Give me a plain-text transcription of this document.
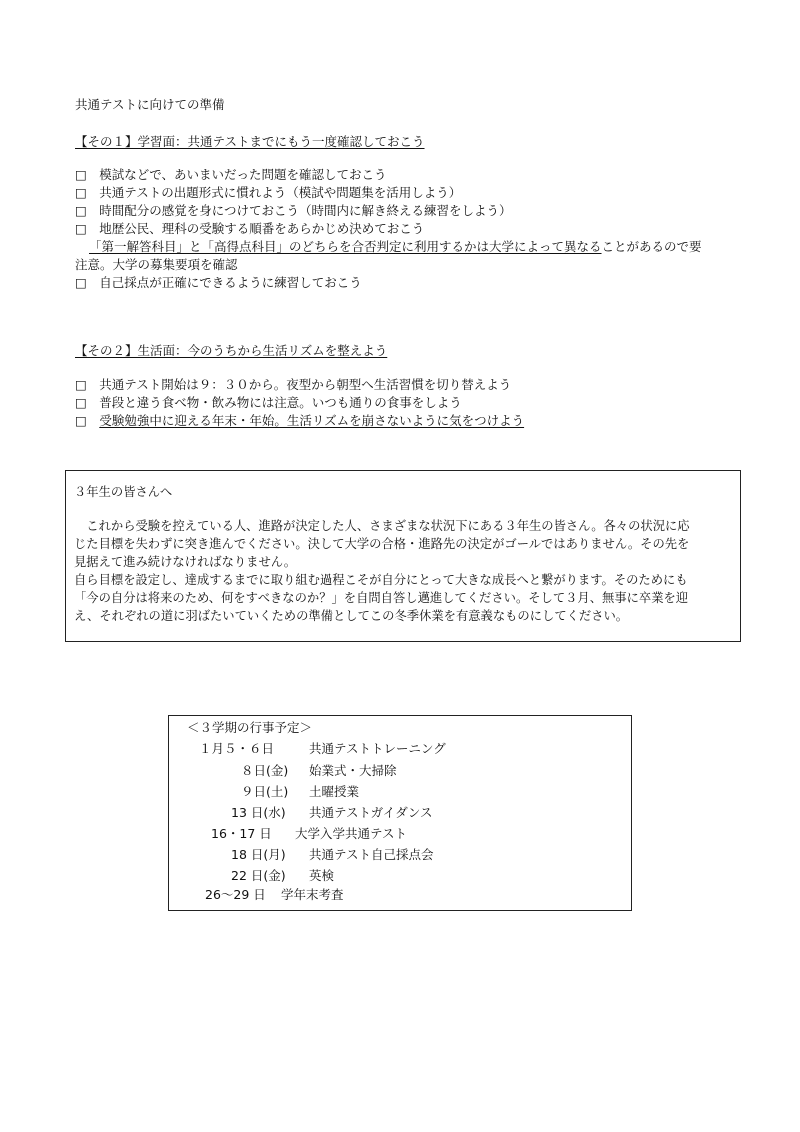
共通テストに向けての準備
【その１】学習面：共通テストまでにもう一度確認しておこう
□　模試などで、あいまいだった問題を確認しておこう
□　共通テストの出題形式に慣れよう（模試や問題集を活用しよう）
□　時間配分の感覚を身につけておこう（時間内に解き終える練習をしよう）
□　地歴公民、理科の受験する順番をあらかじめ決めておこう
「第一解答科目」と「高得点科目」のどちらを合否判定に利用するかは大学によって異なることがあるので要
注意。大学の募集要項を確認
□　自己採点が正確にできるように練習しておこう
【その２】生活面：今のうちから生活リズムを整えよう
□　共通テスト開始は９：３０から。夜型から朝型へ生活習慣を切り替えよう
□　普段と違う食べ物・飲み物には注意。いつも通りの食事をしよう
□　受験勉強中に迎える年末・年始。生活リズムを崩さないように気をつけよう
３年生の皆さんへ
　これから受験を控えている人、進路が決定した人、さまざまな状況下にある３年生の皆さん。各々の状況に応
じた目標を失わずに突き進んでください。決して大学の合格・進路先の決定がゴールではありません。その先を
見据えて進み続けなければなりません。
自ら目標を設定し、達成するまでに取り組む過程こそが自分にとって大きな成長へと繋がります。そのためにも
「今の自分は将来のため、何をすべきなのか？」を自問自答し邁進してください。そして３月、無事に卒業を迎
え、それぞれの道に羽ばたいていくための準備としてこの冬季休業を有意義なものにしてください。
＜３学期の行事予定＞
１月５・６日	共通テストトレーニング
８日(金) 始業式・大掃除
９日(土) 土曜授業
13 日(水) 共通テストガイダンス
16・17 日 大学入学共通テスト
18 日(月) 共通テスト自己採点会
22 日(金) 英検
26～29 日 学年末考査
